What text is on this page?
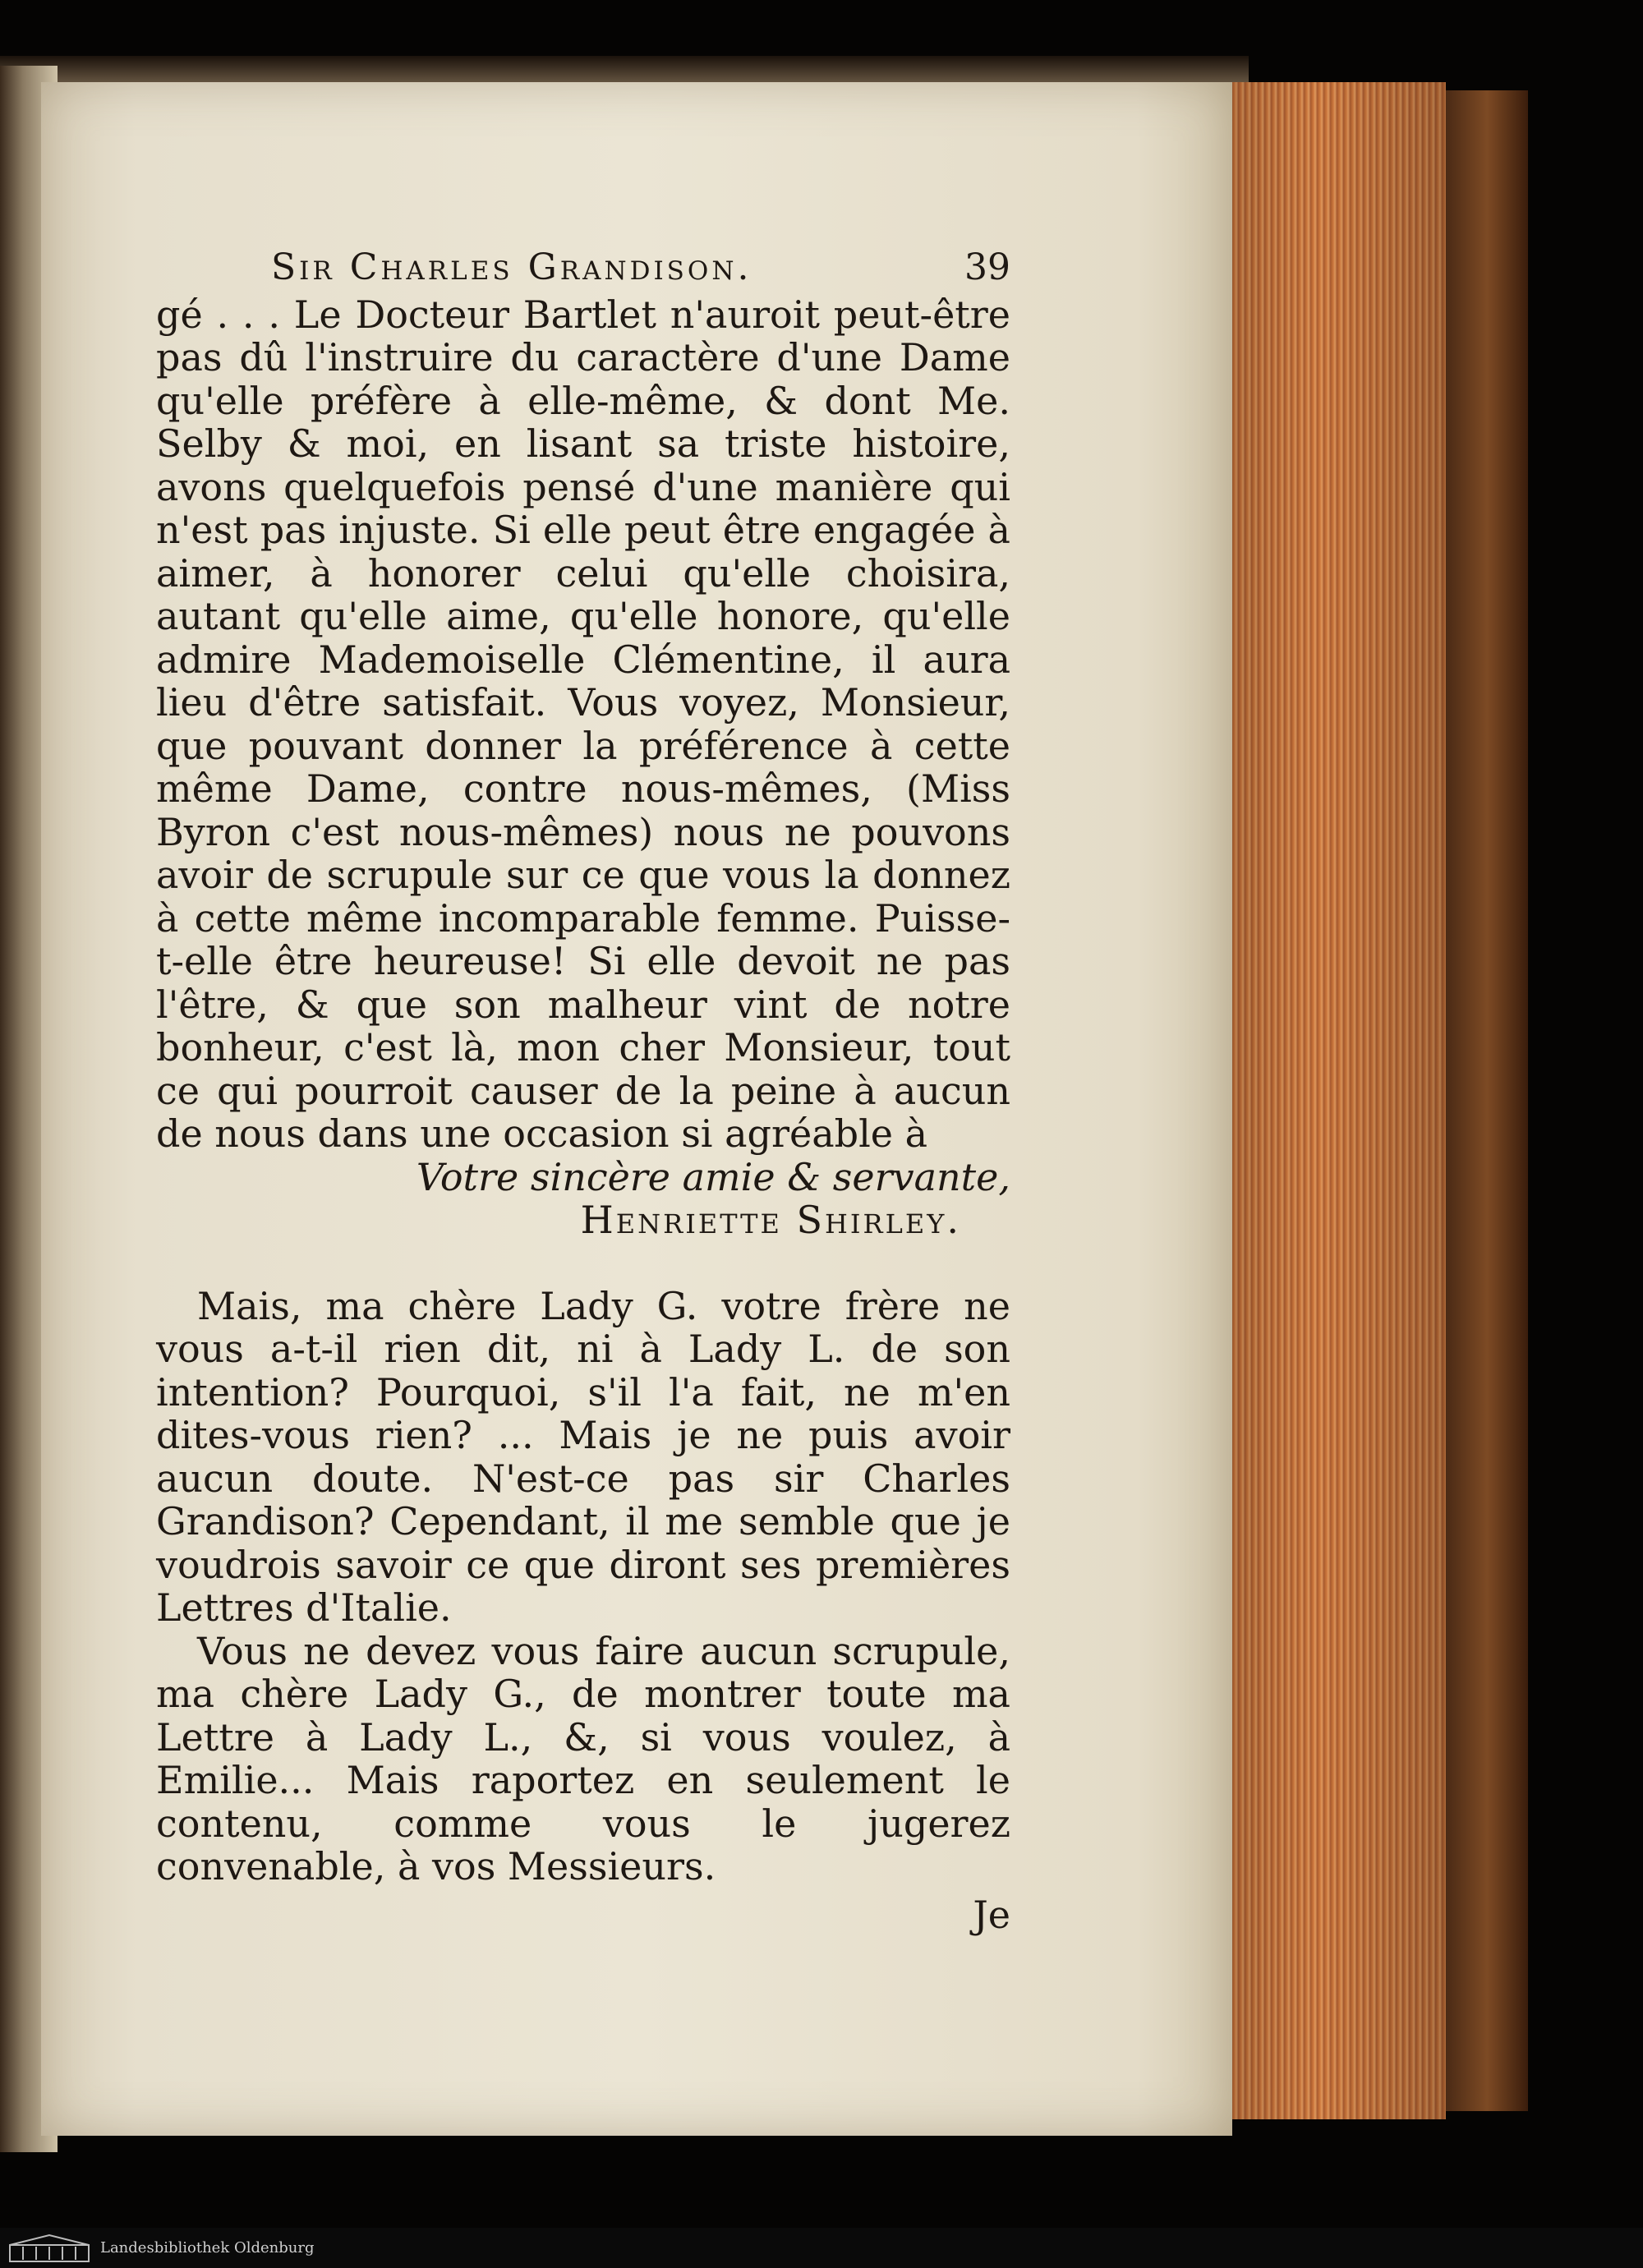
Sir Charles Grandison.	39

gé . . . Le Docteur Bartlet n'auroit peut-être pas dû l'instruire du caractère d'une Dame qu'elle préfère à elle-même, & dont Me. Selby & moi, en lisant sa triste histoire, avons quelquefois pensé d'une manière qui n'est pas injuste. Si elle peut être engagée à aimer, à honorer celui qu'elle choisira, autant qu'elle aime, qu'elle honore, qu'elle admire Mademoiselle Clémentine, il aura lieu d'être satisfait. Vous voyez, Monsieur, que pouvant donner la préférence à cette même Dame, contre nous-mêmes, (Miss Byron c'est nous-mêmes) nous ne pouvons avoir de scrupule sur ce que vous la donnez à cette même incomparable femme. Puisse-t-elle être heureuse! Si elle devoit ne pas l'être, & que son malheur vint de notre bonheur, c'est là, mon cher Monsieur, tout ce qui pourroit causer de la peine à aucun de nous dans une occasion si agréable à

Votre sincère amie & servante,

Henriette Shirley.

Mais, ma chère Lady G. votre frère ne vous a-t-il rien dit, ni à Lady L. de son intention? Pourquoi, s'il l'a fait, ne m'en dites-vous rien? ... Mais je ne puis avoir aucun doute. N'est-ce pas sir Charles Grandison? Cependant, il me semble que je voudrois savoir ce que diront ses premières Lettres d'Italie.

Vous ne devez vous faire aucun scrupule, ma chère Lady G., de montrer toute ma Lettre à Lady L., &, si vous voulez, à Emilie... Mais raportez en seulement le contenu, comme vous le jugerez convenable, à vos Messieurs.

Je

Landesbibliothek Oldenburg
